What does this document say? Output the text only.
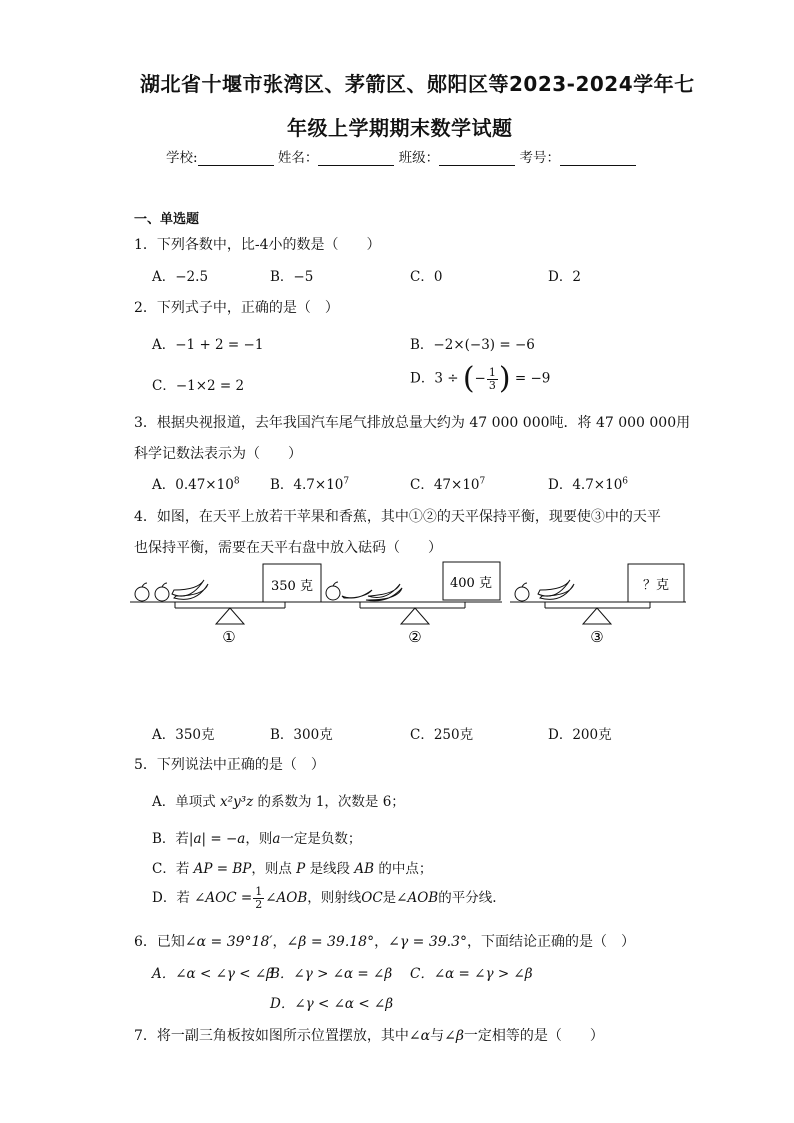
湖北省十堰市张湾区、茅箭区、郧阳区等2023-2024学年七
年级上学期期末数学试题
学校:	姓名：	班级：	考号：
一、单选题
1．下列各数中，比-4小的数是（　　）
A．−2.5	B．−5	C．0	D．2
2．下列式子中，正确的是（　）
A．−1 + 2 = −1	B．−2×(−3) = −6
C．−1×2 = 2	D．3 ÷ (− $\frac{1}{3}$ ) = −9
3．根据央视报道，去年我国汽车尾气排放总量大约为 47 000 000吨．将 47 000 000用
科学记数法表示为（　　）
A．$0.47\times 10^8$ B．$4.7\times 10^7$	C．$47\times 10^7$	D．$4.7\times 10^6$
4．如图，在天平上放若干苹果和香蕉，其中①②的天平保持平衡，现要使③中的天平
也保持平衡，需要在天平右盘中放入砝码（　　）
350 克	400 克	？克
①	②	③
A．350克	B．300克	C．250克	D．200克
5．下列说法中正确的是（　）
A．单项式 x²y³z 的系数为 1，次数是 6；
B．若|a| = −a，则a一定是负数；
C．若 AP = BP，则点 P 是线段 AB 的中点；
D．若 ∠AOC = $\frac{1}{2}$ ∠AOB，则射线OC是∠AOB的平分线.
6．已知∠α = 39°18′，∠β = 39.18°，∠γ = 39.3°，下面结论正确的是（　）
A．∠α < ∠γ < ∠β
B．∠γ > ∠α = ∠β C．∠α = ∠γ > ∠β
D．∠γ < ∠α < ∠β
7．将一副三角板按如图所示位置摆放，其中∠α与∠β一定相等的是（　　）
